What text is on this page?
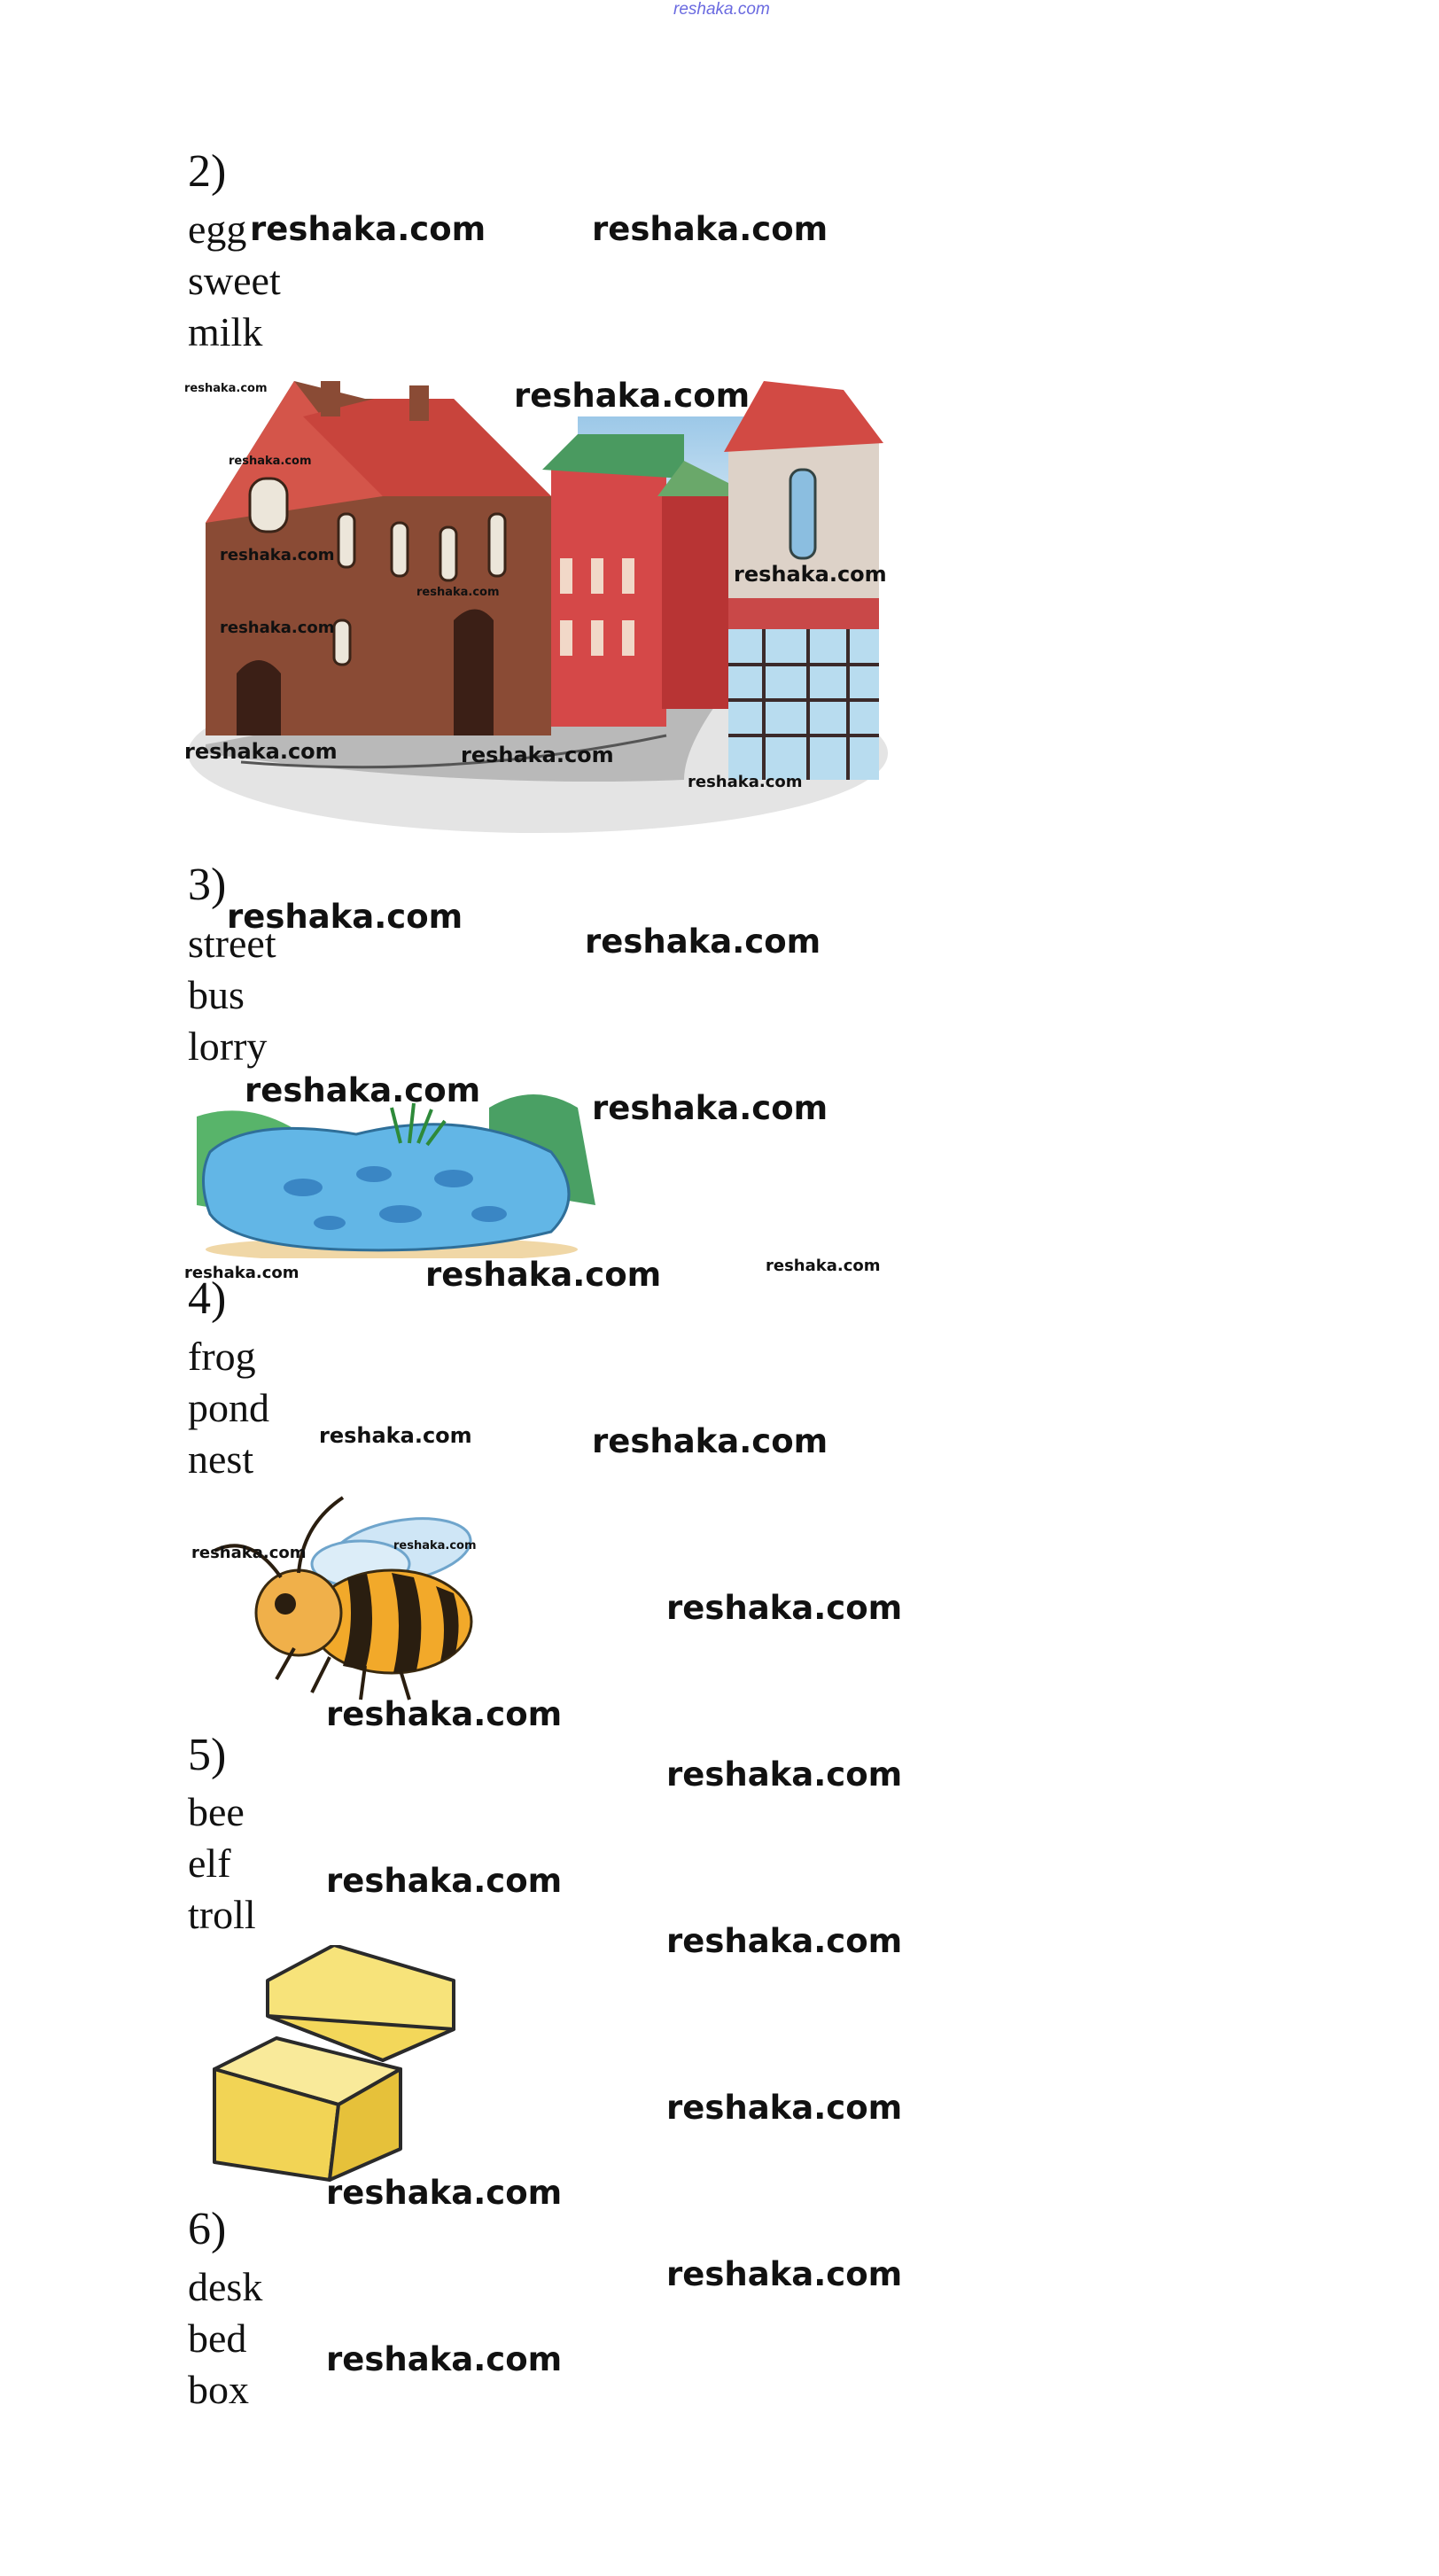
reshaka.com
2)
egg
sweet
milk
3)
street
bus
lorry
4)
frog
pond
nest
5)
bee
elf
troll
6)
desk
bed
box
reshaka.com	reshaka.com
reshaka.com	reshaka.com
reshaka.com
reshaka.com
reshaka.com
reshaka.com
reshaka.com
reshaka.com	reshaka.com
reshaka.com
reshaka.com
reshaka.com
reshaka.com	reshaka.com
reshaka.com	reshaka.com	reshaka.com
reshaka.com	reshaka.com
reshaka.com	reshaka.com
reshaka.com
reshaka.com
reshaka.com
reshaka.com
reshaka.com
reshaka.com
reshaka.com
reshaka.com
reshaka.com
